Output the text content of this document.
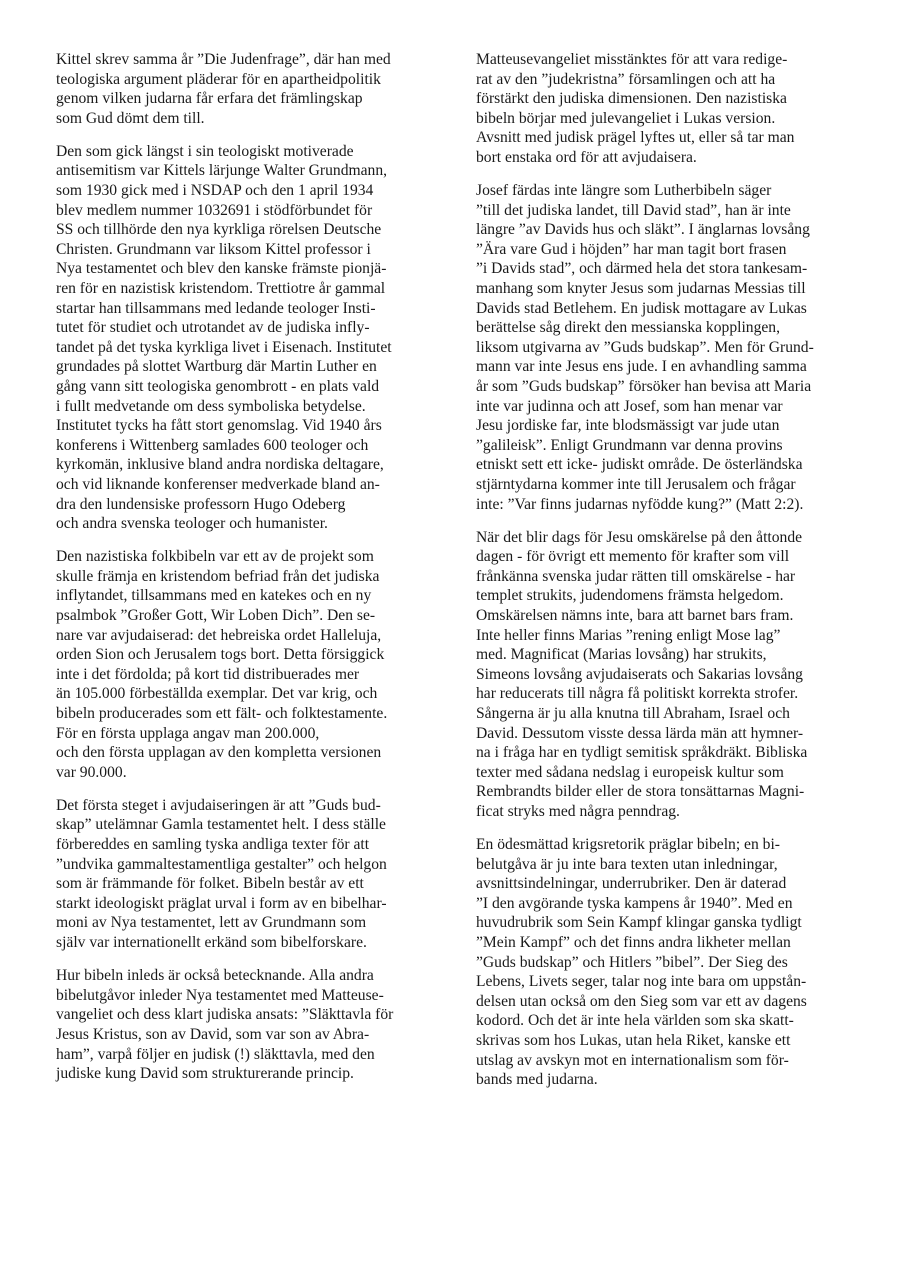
Kittel skrev samma år ”Die Judenfrage”, där han med
teologiska argument pläderar för en apartheidpolitik
genom vilken judarna får erfara det främlingskap
som Gud dömt dem till.

Den som gick längst i sin teologiskt motiverade
antisemitism var Kittels lärjunge Walter Grundmann,
som 1930 gick med i NSDAP och den 1 april 1934
blev medlem nummer 1032691 i stödförbundet för
SS och tillhörde den nya kyrkliga rörelsen Deutsche
Christen. Grundmann var liksom Kittel professor i
Nya testamentet och blev den kanske främste pionjä-
ren för en nazistisk kristendom. Trettiotre år gammal
startar han tillsammans med ledande teologer Insti-
tutet för studiet och utrotandet av de judiska infly-
tandet på det tyska kyrkliga livet i Eisenach. Institutet
grundades på slottet Wartburg där Martin Luther en
gång vann sitt teologiska genombrott - en plats vald
i fullt medvetande om dess symboliska betydelse.
Institutet tycks ha fått stort genomslag. Vid 1940 års
konferens i Wittenberg samlades 600 teologer och
kyrkomän, inklusive bland andra nordiska deltagare,
och vid liknande konferenser medverkade bland an-
dra den lundensiske professorn Hugo Odeberg
och andra svenska teologer och humanister.

Den nazistiska folkbibeln var ett av de projekt som
skulle främja en kristendom befriad från det judiska
inflytandet, tillsammans med en katekes och en ny
psalmbok ”Großer Gott, Wir Loben Dich”. Den se-
nare var avjudaiserad: det hebreiska ordet Halleluja,
orden Sion och Jerusalem togs bort. Detta försiggick
inte i det fördolda; på kort tid distribuerades mer
än 105.000 förbeställda exemplar. Det var krig, och
bibeln producerades som ett fält- och folktestamente.
För en första upplaga angav man 200.000,
och den första upplagan av den kompletta versionen
var 90.000.

Det första steget i avjudaiseringen är att ”Guds bud-
skap” utelämnar Gamla testamentet helt. I dess ställe
förbereddes en samling tyska andliga texter för att
”undvika gammaltestamentliga gestalter” och helgon
som är främmande för folket. Bibeln består av ett
starkt ideologiskt präglat urval i form av en bibelhar-
moni av Nya testamentet, lett av Grundmann som
själv var internationellt erkänd som bibelforskare.

Hur bibeln inleds är också betecknande. Alla andra
bibelutgåvor inleder Nya testamentet med Matteuse-
vangeliet och dess klart judiska ansats: ”Släkttavla för
Jesus Kristus, son av David, som var son av Abra-
ham”, varpå följer en judisk (!) släkttavla, med den
judiske kung David som strukturerande princip.

Matteusevangeliet misstänktes för att vara redige-
rat av den ”judekristna” församlingen och att ha
förstärkt den judiska dimensionen. Den nazistiska
bibeln börjar med julevangeliet i Lukas version.
Avsnitt med judisk prägel lyftes ut, eller så tar man
bort enstaka ord för att avjudaisera.

Josef färdas inte längre som Lutherbibeln säger
”till det judiska landet, till David stad”, han är inte
längre ”av Davids hus och släkt”. I änglarnas lovsång
”Ära vare Gud i höjden” har man tagit bort frasen
”i Davids stad”, och därmed hela det stora tankesam-
manhang som knyter Jesus som judarnas Messias till
Davids stad Betlehem. En judisk mottagare av Lukas
berättelse såg direkt den messianska kopplingen,
liksom utgivarna av ”Guds budskap”. Men för Grund-
mann var inte Jesus ens jude. I en avhandling samma
år som ”Guds budskap” försöker han bevisa att Maria
inte var judinna och att Josef, som han menar var
Jesu jordiske far, inte blodsmässigt var jude utan
”galileisk”. Enligt Grundmann var denna provins
etniskt sett ett icke- judiskt område. De österländska
stjärntydarna kommer inte till Jerusalem och frågar
inte: ”Var finns judarnas nyfödde kung?” (Matt 2:2).

När det blir dags för Jesu omskärelse på den åttonde
dagen - för övrigt ett memento för krafter som vill
frånkänna svenska judar rätten till omskärelse - har
templet strukits, judendomens främsta helgedom.
Omskärelsen nämns inte, bara att barnet bars fram.
Inte heller finns Marias ”rening enligt Mose lag”
med. Magnificat (Marias lovsång) har strukits,
Simeons lovsång avjudaiserats och Sakarias lovsång
har reducerats till några få politiskt korrekta strofer.
Sångerna är ju alla knutna till Abraham, Israel och
David. Dessutom visste dessa lärda män att hymner-
na i fråga har en tydligt semitisk språkdräkt. Bibliska
texter med sådana nedslag i europeisk kultur som
Rembrandts bilder eller de stora tonsättarnas Magni-
ficat stryks med några penndrag.

En ödesmättad krigsretorik präglar bibeln; en bi-
belutgåva är ju inte bara texten utan inledningar,
avsnittsindelningar, underrubriker. Den är daterad
”I den avgörande tyska kampens år 1940”. Med en
huvudrubrik som Sein Kampf klingar ganska tydligt
”Mein Kampf” och det finns andra likheter mellan
”Guds budskap” och Hitlers ”bibel”. Der Sieg des
Lebens, Livets seger, talar nog inte bara om uppstån-
delsen utan också om den Sieg som var ett av dagens
kodord. Och det är inte hela världen som ska skatt-
skrivas som hos Lukas, utan hela Riket, kanske ett
utslag av avskyn mot en internationalism som för-
bands med judarna.
